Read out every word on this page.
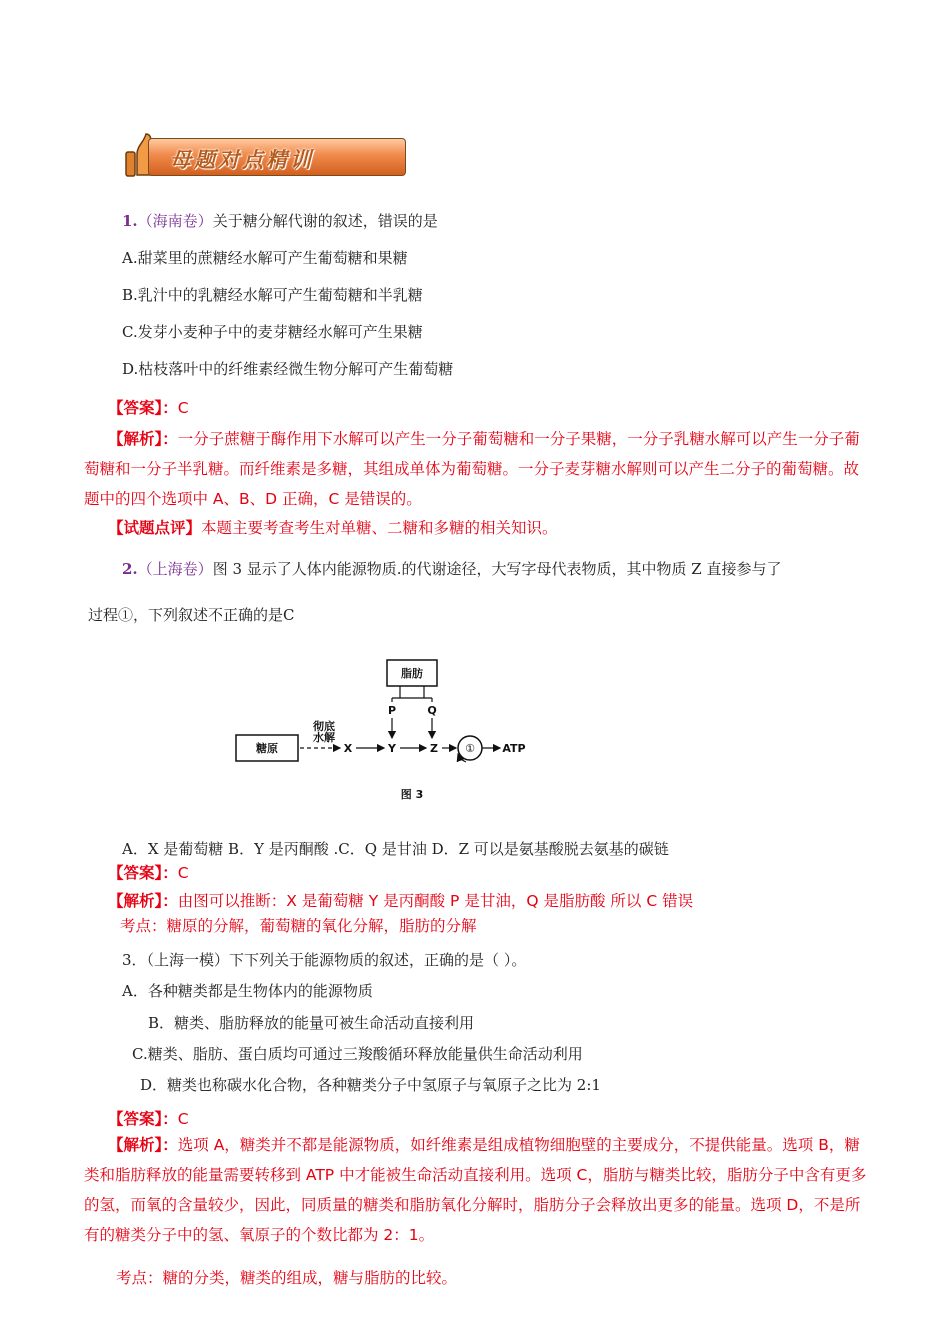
母题对点精训
1.（海南卷）关于糖分解代谢的叙述，错误的是
A.甜菜里的蔗糖经水解可产生葡萄糖和果糖
B.乳汁中的乳糖经水解可产生葡萄糖和半乳糖
C.发芽小麦种子中的麦芽糖经水解可产生果糖
D.枯枝落叶中的纤维素经微生物分解可产生葡萄糖
【答案】：C
【解析】：一分子蔗糖于酶作用下水解可以产生一分子葡萄糖和一分子果糖，一分子乳糖水解可以产生一分子葡萄糖和一分子半乳糖。而纤维素是多糖，其组成单体为葡萄糖。一分子麦芽糖水解则可以产生二分子的葡萄糖。故题中的四个选项中 A、B、D 正确，C 是错误的。
【试题点评】本题主要考查考生对单糖、二糖和多糖的相关知识。
2.（上海卷）图 3 显示了人体内能源物质.的代谢途径，大写字母代表物质，其中物质 Z 直接参与了
过程①，下列叙述不正确的是C
脂肪
P	Q
糖原
彻底
水解
X	Y	Z ① ATP
图 3
A．X 是葡萄糖 B．Y 是丙酮酸 .C．Q 是甘油 D．Z 可以是氨基酸脱去氨基的碳链
【答案】：C
【解析】：由图可以推断：X 是葡萄糖 Y 是丙酮酸 P 是甘油，Q 是脂肪酸 所以 C 错误
考点：糖原的分解，葡萄糖的氧化分解，脂肪的分解
3．（上海一模）下下列关于能源物质的叙述，正确的是（ ）。
A．各种糖类都是生物体内的能源物质
B．糖类、脂肪释放的能量可被生命活动直接利用
C.糖类、脂肪、蛋白质均可通过三羧酸循环释放能量供生命活动利用
D．糖类也称碳水化合物，各种糖类分子中氢原子与氧原子之比为 2:1
【答案】：C
【解析】：选项 A，糖类并不都是能源物质，如纤维素是组成植物细胞壁的主要成分，不提供能量。选项 B，糖类和脂肪释放的能量需要转移到 ATP 中才能被生命活动直接利用。选项 C，脂肪与糖类比较，脂肪分子中含有更多的氢，而氧的含量较少，因此，同质量的糖类和脂肪氧化分解时，脂肪分子会释放出更多的能量。选项 D，不是所有的糖类分子中的氢、氧原子的个数比都为 2：1。
考点：糖的分类，糖类的组成，糖与脂肪的比较。
